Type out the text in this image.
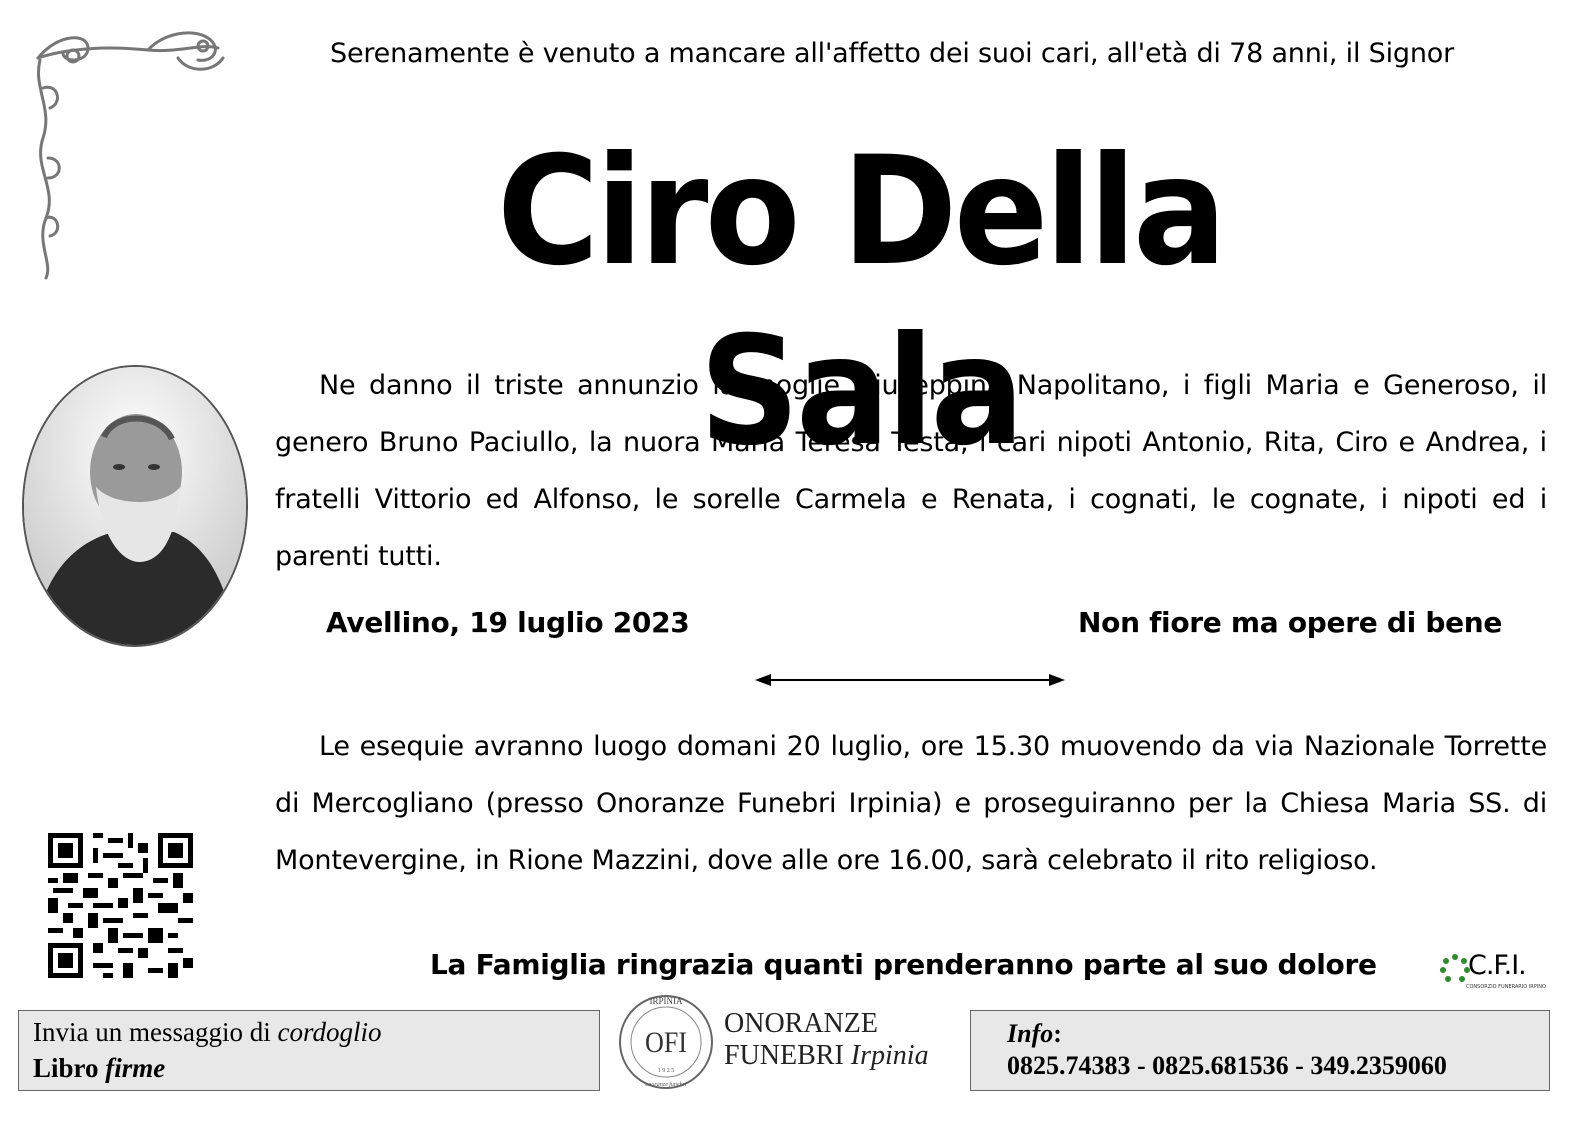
Serenamente è venuto a mancare all'affetto dei suoi cari, all'età di 78 anni, il Signor
Ciro Della Sala
Ne danno il triste annunzio la moglie Giuseppina Napolitano, i figli Maria e Generoso, il genero Bruno Paciullo, la nuora Maria Teresa Testa, i cari nipoti Antonio, Rita, Ciro e Andrea, i fratelli Vittorio ed Alfonso, le sorelle Carmela e Renata, i cognati, le cognate, i nipoti ed i parenti tutti.
Avellino, 19 luglio 2023	Non fiore ma opere di bene
Le esequie avranno luogo domani 20 luglio, ore 15.30 muovendo da via Nazionale Torrette di Mercogliano (presso Onoranze Funebri Irpinia) e proseguiranno per la Chiesa Maria SS. di Montevergine, in Rione Mazzini, dove alle ore 16.00, sarà celebrato il rito religioso.
La Famiglia ringrazia quanti prenderanno parte al suo dolore	C.F.I.
CONSORZIO FUNERARIO IRPINO
Invia un messaggio di cordoglio
Libro firme
IRPINIA
OFI
1 9 2 5
onoranze funebri
ONORANZE
FUNEBRI Irpinia
Info:
0825.74383 - 0825.681536 - 349.2359060
